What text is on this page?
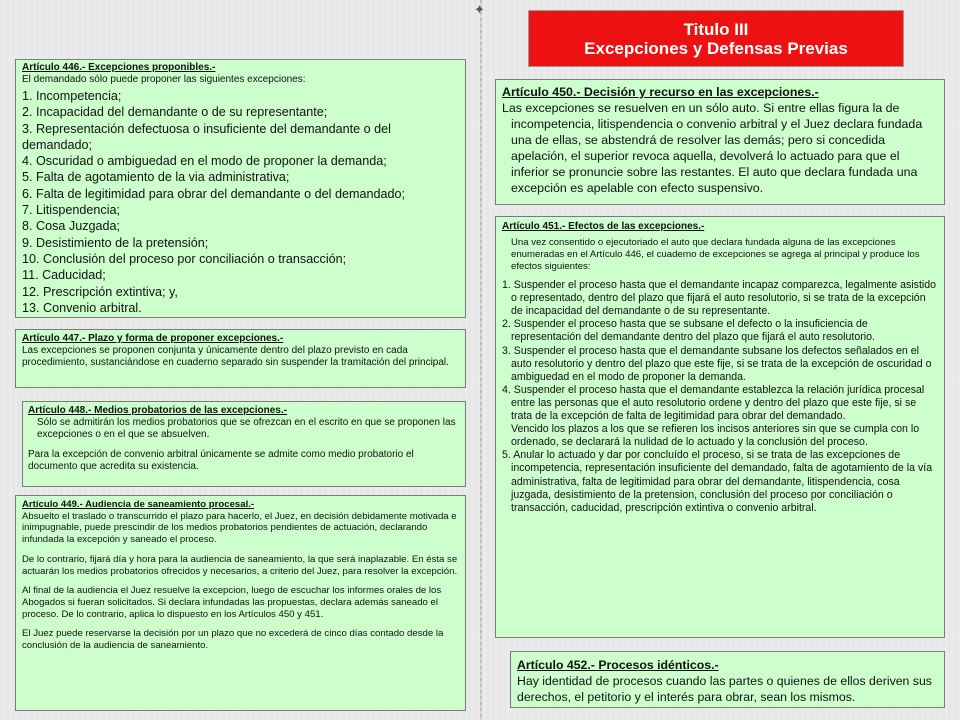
✦
Titulo III
Excepciones y Defensas Previas
Artículo 446.- Excepciones proponibles.-

El demandado sólo puede proponer las siguientes excepciones:

1. Incompetencia;
2. Incapacidad del demandante o de su representante;
3. Representación defectuosa o insuficiente del demandante o del demandado;
4. Oscuridad o ambiguedad en el modo de proponer la demanda;
5. Falta de agotamiento de la via administrativa;
6. Falta de legitimidad para obrar del demandante o del demandado;
7. Litispendencia;
8. Cosa Juzgada;
9. Desistimiento de la pretensión;
10. Conclusión del proceso por conciliación o transacción;
11. Caducidad;
12. Prescripción extintiva; y,
13. Convenio arbitral.
Artículo 447.- Plazo y forma de proponer excepciones.-

Las excepciones se proponen conjunta y únicamente dentro del plazo previsto en cada procedimiento, sustanciándose en cuaderno separado sin suspender la tramitación del principal.

Artículo 448.- Medios probatorios de las excepciones.-

Sólo se admitirán los medios probatorios que se ofrezcan en el escrito en que se proponen las excepciones o en el que se absuelven.

Para la excepción de convenio arbitral únicamente se admite como medio probatorio el documento que acredita su existencia.

Artículo 449.- Audiencia de saneamiento procesal.-

Absuelto el traslado o transcurrido el plazo para hacerlo, el Juez, en decisión debidamente motivada e inimpugnable, puede prescindir de los medios probatorios pendientes de actuación, declarando infundada la excepción y saneado el proceso.

De lo contrario, fijará día y hora para la audiencia de saneamiento, la que será inaplazable. En ésta se actuarán los medios probatorios ofrecidos y necesarios, a criterio del Juez, para resolver la excepción.

Al final de la audiencia el Juez resuelve la excepcion, luego de escuchar los informes orales de los Abogados si fueran solicitados. Si declara infundadas las propuestas, declara además saneado el proceso. De lo contrario, aplica lo dispuesto en los Artículos 450 y 451.

El Juez puede reservarse la decisión por un plazo que no excederá de cinco días contado desde la conclusión de la audiencia de saneamiento.

Artículo 450.- Decisión y recurso en las excepciones.-

Las excepciones se resuelven en un sólo auto. Si entre ellas figura la de incompetencia, litispendencia o convenio arbitral y el Juez declara fundada una de ellas, se abstendrá de resolver las demás; pero si concedida apelación, el superior revoca aquella, devolverá lo actuado para que el inferior se pronuncie sobre las restantes. El auto que declara fundada una excepción es apelable con efecto suspensivo.

Artículo 451.- Efectos de las excepciones.-

Una vez consentido o ejecutoriado el auto que declara fundada alguna de las excepciones enumeradas en el Artículo 446, el cuaderno de excepciones se agrega al principal y produce los efectos siguientes:

1. Suspender el proceso hasta que el demandante incapaz comparezca, legalmente asistido o representado, dentro del plazo que fijará el auto resolutorio, si se trata de la excepción de incapacidad del demandante o de su representante.

2. Suspender el proceso hasta que se subsane el defecto o la insuficiencia de representación del demandante dentro del plazo que fijará el auto resolutorio.

3. Suspender el proceso hasta que el demandante subsane los defectos señalados en el auto resolutorio y dentro del plazo que este fije, si se trata de la excepción de oscuridad o ambiguedad en el modo de proponer la demanda.

4. Suspender el proceso hasta que el demandante establezca la relación jurídica procesal entre las personas que el auto resolutorio ordene y dentro del plazo que este fije, si se trata de la excepción de falta de legitimidad para obrar del demandado.

Vencido los plazos a los que se refieren los incisos anteriores sin que se cumpla con lo ordenado, se declarará la nulidad de lo actuado y la conclusión del proceso.

5. Anular lo actuado y dar por concluído el proceso, si se trata de las excepciones de incompetencia, representación insuficiente del demandado, falta de agotamiento de la vía administrativa, falta de legitimidad para obrar del demandante, litispendencia, cosa juzgada, desistimiento de la pretension, conclusión del proceso por conciliación o transacción, caducidad, prescripción extintiva o convenio arbitral.

Artículo 452.- Procesos idénticos.-

Hay identidad de procesos cuando las partes o quienes de ellos deriven sus derechos, el petitorio y el interés para obrar, sean los mismos.
